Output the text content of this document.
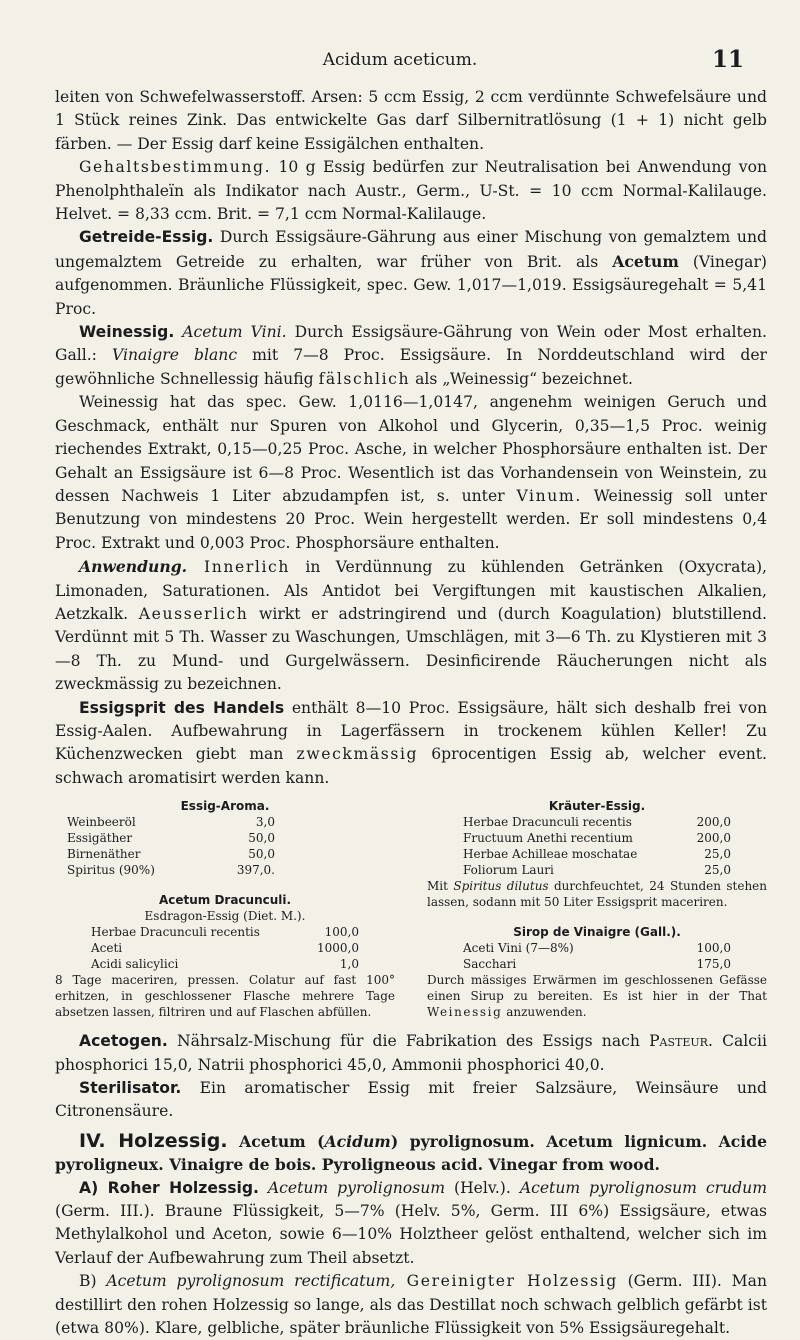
Acidum aceticum.	11

leiten von Schwefelwasserstoff. Arsen: 5 ccm Essig, 2 ccm verdünnte Schwefelsäure und 1 Stück reines Zink. Das entwickelte Gas darf Silbernitratlösung (1 + 1) nicht gelb färben. — Der Essig darf keine Essigälchen enthalten.

Gehaltsbestimmung. 10 g Essig bedürfen zur Neutralisation bei Anwendung von Phenolphthaleïn als Indikator nach Austr., Germ., U-St. = 10 ccm Normal-Kalilauge. Helvet. = 8,33 ccm. Brit. = 7,1 ccm Normal-Kalilauge.

Getreide-Essig. Durch Essigsäure-Gährung aus einer Mischung von gemalztem und ungemalztem Getreide zu erhalten, war früher von Brit. als Acetum (Vinegar) aufgenommen. Bräunliche Flüssigkeit, spec. Gew. 1,017—1,019. Essigsäuregehalt = 5,41 Proc.

Weinessig. Acetum Vini. Durch Essigsäure-Gährung von Wein oder Most erhalten. Gall.: Vinaigre blanc mit 7—8 Proc. Essigsäure. In Norddeutschland wird der gewöhnliche Schnellessig häufig fälschlich als „Weinessig“ bezeichnet.

Weinessig hat das spec. Gew. 1,0116—1,0147, angenehm weinigen Geruch und Geschmack, enthält nur Spuren von Alkohol und Glycerin, 0,35—1,5 Proc. weinig riechendes Extrakt, 0,15—0,25 Proc. Asche, in welcher Phosphorsäure enthalten ist. Der Gehalt an Essigsäure ist 6—8 Proc. Wesentlich ist das Vorhandensein von Weinstein, zu dessen Nachweis 1 Liter abzudampfen ist, s. unter Vinum. Weinessig soll unter Benutzung von mindestens 20 Proc. Wein hergestellt werden. Er soll mindestens 0,4 Proc. Extrakt und 0,003 Proc. Phosphorsäure enthalten.

Anwendung. Innerlich in Verdünnung zu kühlenden Getränken (Oxycrata), Limonaden, Saturationen. Als Antidot bei Vergiftungen mit kaustischen Alkalien, Aetzkalk. Aeusserlich wirkt er adstringirend und (durch Koagulation) blutstillend. Verdünnt mit 5 Th. Wasser zu Waschungen, Umschlägen, mit 3—6 Th. zu Klystieren mit 3—8 Th. zu Mund- und Gurgelwässern. Desinficirende Räucherungen nicht als zweckmässig zu bezeichnen.

Essigsprit des Handels enthält 8—10 Proc. Essigsäure, hält sich deshalb frei von Essig-Aalen. Aufbewahrung in Lagerfässern in trockenem kühlen Keller! Zu Küchenzwecken giebt man zweckmässig 6procentigen Essig ab, welcher event. schwach aromatisirt werden kann.

Essig-Aroma.
Weinbeeröl	3,0
Essigäther	50,0
Birnenäther	50,0
Spiritus (90%)	397,0.
Acetum Dracunculi.
Esdragon-Essig (Diet. M.).
Herbae Dracunculi recentis	100,0
Aceti	1000,0
Acidi salicylici	1,0
8 Tage maceriren, pressen. Colatur auf fast 100° erhitzen, in geschlossener Flasche mehrere Tage absetzen lassen, filtriren und auf Flaschen abfüllen.
Kräuter-Essig.
Herbae Dracunculi recentis	200,0
Fructuum Anethi recentium	200,0
Herbae Achilleae moschatae	25,0
Foliorum Lauri	25,0
Mit Spiritus dilutus durchfeuchtet, 24 Stunden stehen lassen, sodann mit 50 Liter Essigsprit maceriren.
Sirop de Vinaigre (Gall.).
Aceti Vini (7—8%)	100,0
Sacchari	175,0
Durch mässiges Erwärmen im geschlossenen Gefässe einen Sirup zu bereiten. Es ist hier in der That Weinessig anzuwenden.

Acetogen. Nährsalz-Mischung für die Fabrikation des Essigs nach Pasteur. Calcii phosphorici 15,0, Natrii phosphorici 45,0, Ammonii phosphorici 40,0.

Sterilisator. Ein aromatischer Essig mit freier Salzsäure, Weinsäure und Citronensäure.

IV. Holzessig. Acetum (Acidum) pyrolignosum. Acetum lignicum. Acide pyroligneux. Vinaigre de bois. Pyroligneous acid. Vinegar from wood.

A) Roher Holzessig. Acetum pyrolignosum (Helv.). Acetum pyrolignosum crudum (Germ. III.). Braune Flüssigkeit, 5—7% (Helv. 5%, Germ. III 6%) Essigsäure, etwas Methylalkohol und Aceton, sowie 6—10% Holztheer gelöst enthaltend, welcher sich im Verlauf der Aufbewahrung zum Theil absetzt.

B) Acetum pyrolignosum rectificatum, Gereinigter Holzessig (Germ. III). Man destillirt den rohen Holzessig so lange, als das Destillat noch schwach gelblich gefärbt ist (etwa 80%). Klare, gelbliche, später bräunliche Flüssigkeit von 5% Essigsäuregehalt.
